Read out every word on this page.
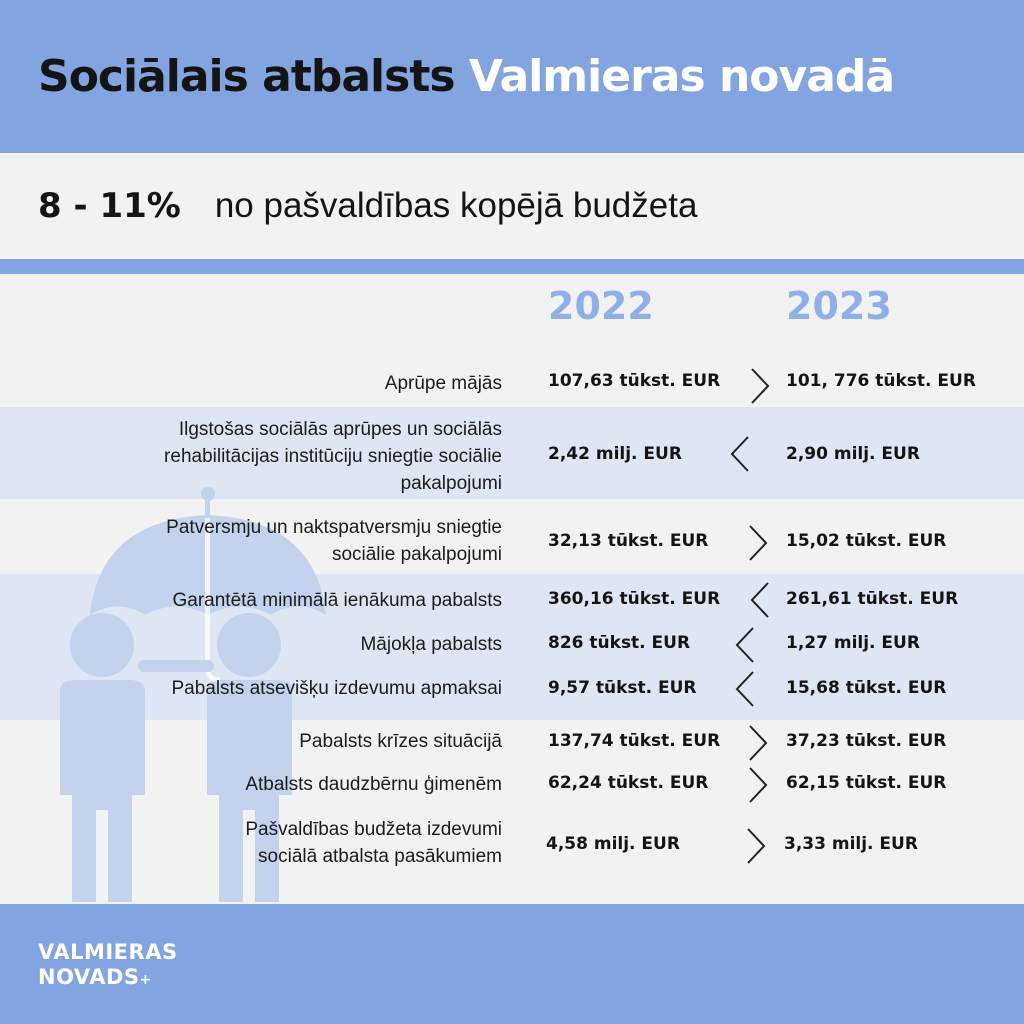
Sociālais atbalsts Valmieras novadā
8 - 11% no pašvaldības kopējā budžeta
2022	2023
Aprūpe mājās	107,63 tūkst. EUR	101, 776 tūkst. EUR
Ilgstošas sociālās aprūpes un sociālās
rehabilitācijas institūciju sniegtie sociālie
pakalpojumi
2,42 milj. EUR	2,90 milj. EUR
Patversmju un naktspatversmju sniegtie
sociālie pakalpojumi
32,13 tūkst. EUR	15,02 tūkst. EUR
Garantētā minimālā ienākuma pabalsts	360,16 tūkst. EUR	261,61 tūkst. EUR
Mājokļa pabalsts	826 tūkst. EUR	1,27 milj. EUR
Pabalsts atsevišķu izdevumu apmaksai	9,57 tūkst. EUR	15,68 tūkst. EUR
Pabalsts krīzes situācijā	137,74 tūkst. EUR	37,23 tūkst. EUR
Atbalsts daudzbērnu ģimenēm	62,24 tūkst. EUR	62,15 tūkst. EUR
Pašvaldības budžeta izdevumi
sociālā atbalsta pasākumiem
4,58 milj. EUR	3,33 milj. EUR
VALMIERAS
NOVADS+
